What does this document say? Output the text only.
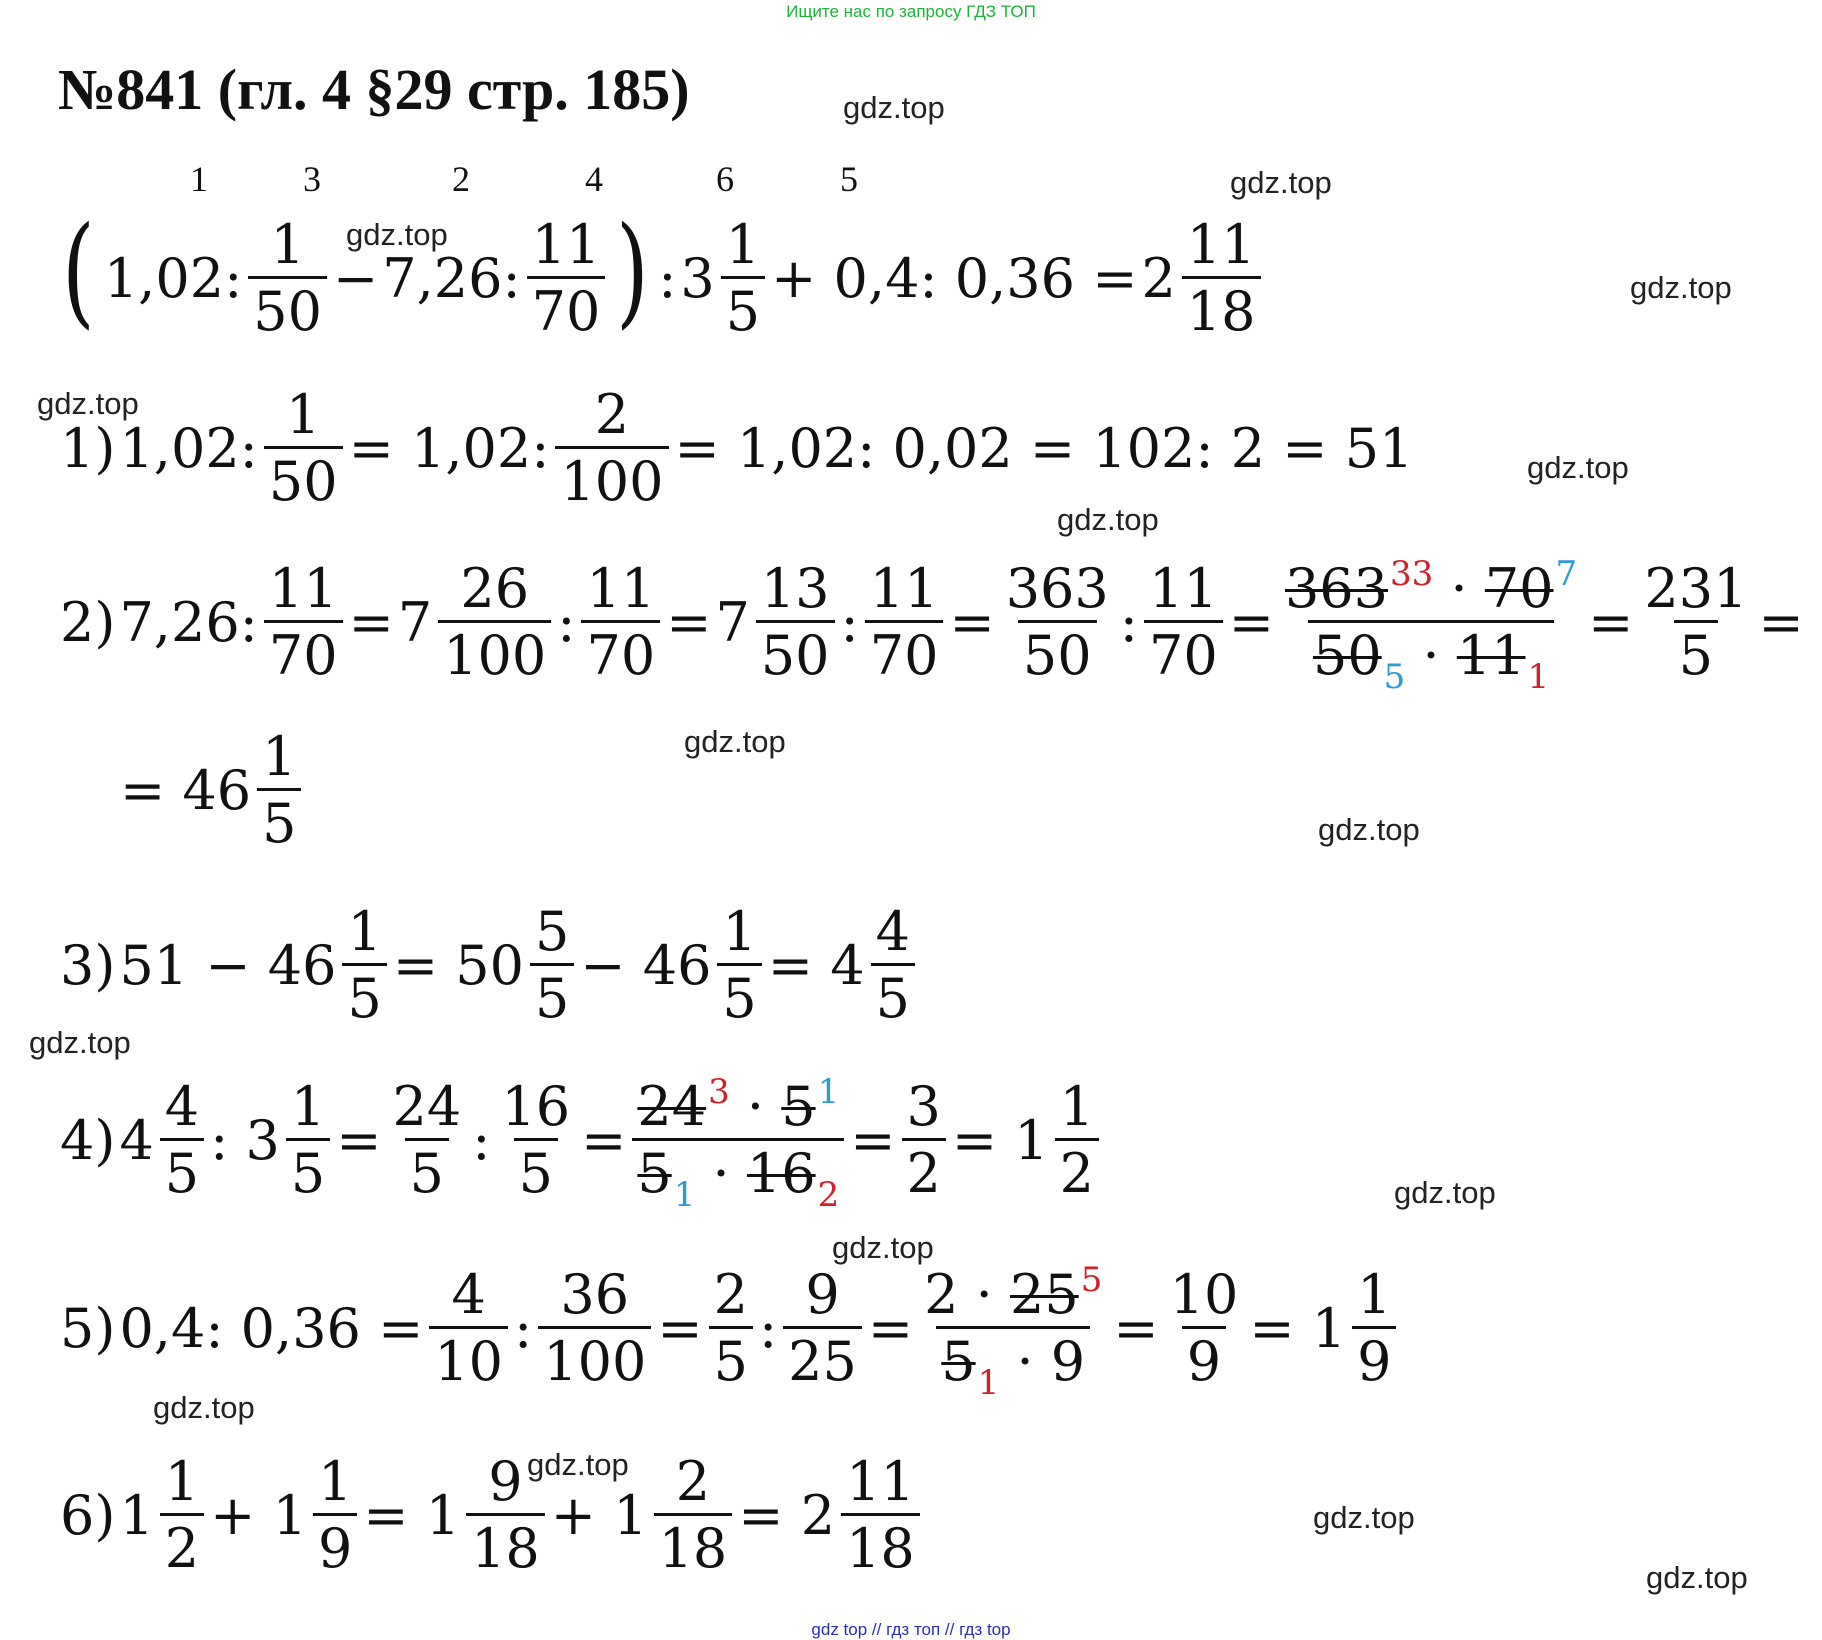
Ищите нас по запросу ГДЗ ТОП
№841 (гл. 4 §29 стр. 185)	gdz.top
gdz.top
gdz.top
gdz.top
gdz.top
gdz.top
gdz.top
gdz.top
gdz.top
gdz.top
gdz.top
gdz.top
gdz.top
gdz.top
gdz.top
gdz.top
1	3	2	4	6	5
( 1,02:
1
50
− 7,26:
11
70 ) : 3
1
5
+ 0,4: 0,36 = 2
11
18
1) 1,02: $\frac{1}{50} = 1,02$: $\frac{2}{100} = 1,02$: 0,02 = 102: 2 = 51
2) 7,26: $\frac{11}{70} = 7$
26
100
: $\frac{11}{70} = 7$
13
50
: $\frac{11}{70} = \frac{363}{50}$ : $\frac{11}{70} = \frac{363^{33} \cdot 70^7}{50_5 \cdot 11_1} = \frac{231}{5}$ =
= 46
1
5
3) $51 - 46 \frac{1}{5} = 50$
5
5
− $46 \frac{1}{5} = 4$
4
5
4) 4
4
5
: $3 \frac{1}{5} = \frac{24}{5}$ : $\frac{16}{5} = \frac{24^3 \cdot 5^1}{5_1 \cdot 16_2} = \frac{3}{2} = 1$
1
2
5) 0,4: $0,36 = \frac{4}{10}$ : $\frac{36}{100} = \frac{2}{5}$ : $\frac{9}{25} = \frac{2 \cdot 25^5}{5_1 \cdot 9} = \frac{10}{9} = 1$
1
9
6) 1
1
2
+ $1 \frac{1}{9} = 1$
9
18
+ $1 \frac{2}{18} = 2$
11
18
gdz top // гдз топ // гдз top
